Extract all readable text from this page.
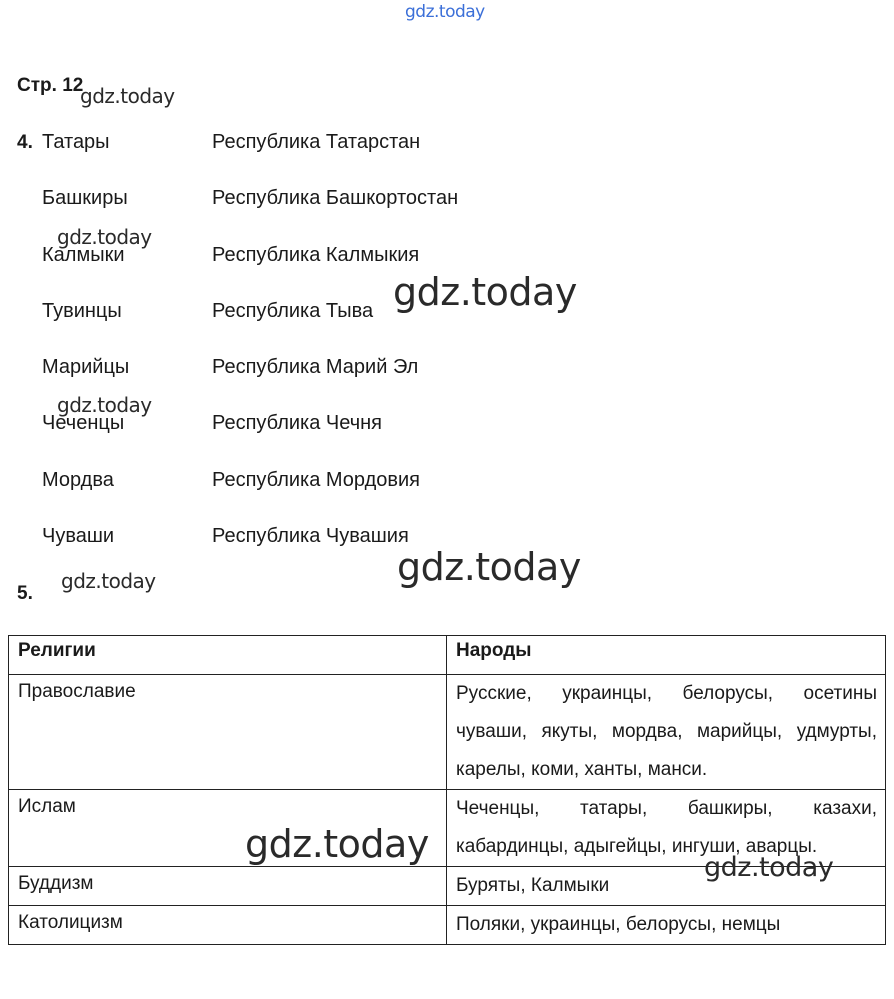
gdz.today
Стр. 12
4. Татары	Республика Татарстан
Башкиры	Республика Башкортостан
Калмыки	Республика Калмыкия
Тувинцы	Республика Тыва
Марийцы	Республика Марий Эл
Чеченцы	Республика Чечня
Мордва	Республика Мордовия
Чуваши	Республика Чувашия
5.
Религии	Народы
Православие	Русские, украинцы, белорусы, осетины чуваши, якуты, мордва, марийцы, удмурты, карелы, коми, ханты, манси.
Ислам	Чеченцы, татары, башкиры, казахи, кабардинцы, адыгейцы, ингуши, аварцы.
Буддизм	Буряты, Калмыки
Католицизм	Поляки, украинцы, белорусы, немцы
gdz.today
gdz.today
gdz.today
gdz.today
gdz.today
gdz.today
gdz.today
gdz.today
